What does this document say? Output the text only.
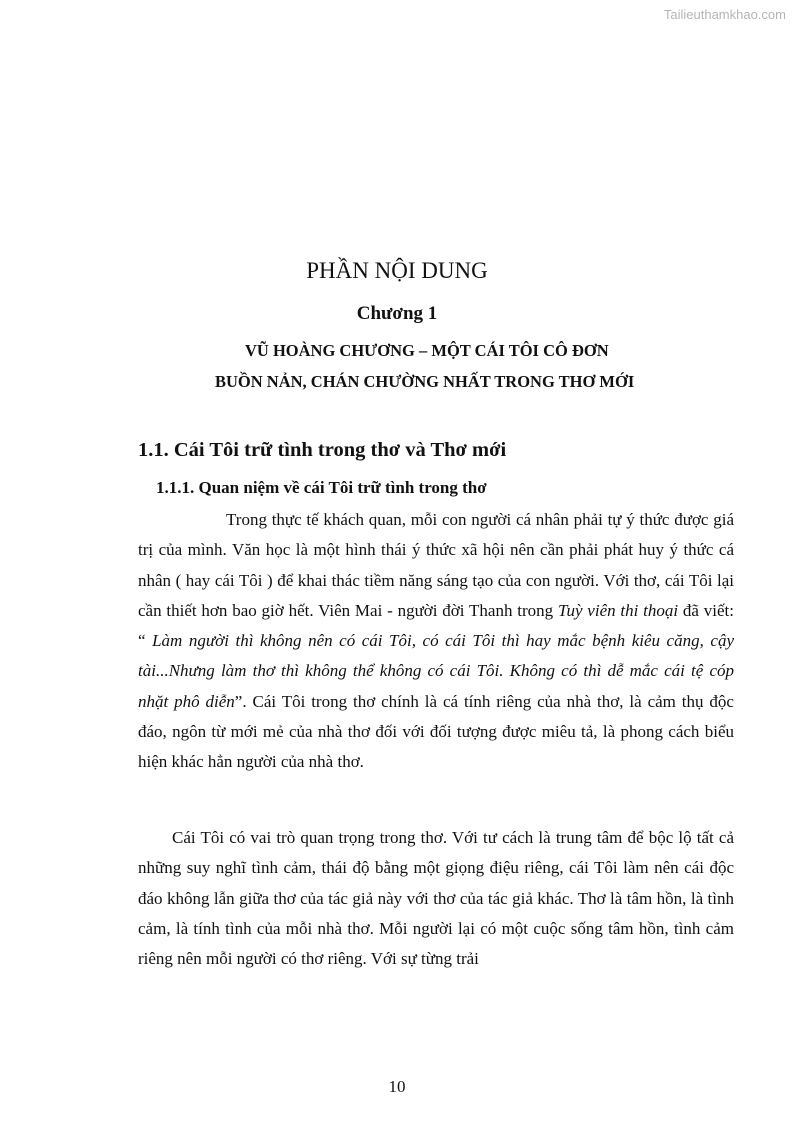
Tailieuthamkhao.com
PHẦN NỘI DUNG
Chương 1
VŨ HOÀNG CHƯƠNG – MỘT CÁI TÔI CÔ ĐƠN
BUỒN NẢN, CHÁN CHƯỜNG NHẤT TRONG THƠ MỚI
1.1. Cái Tôi trữ tình trong thơ và Thơ mới
1.1.1. Quan niệm về cái Tôi trữ tình trong thơ

Trong thực tế khách quan, mỗi con người cá nhân phải tự ý thức được giá trị của mình. Văn học là một hình thái ý thức xã hội nên cần phải phát huy ý thức cá nhân ( hay cái Tôi ) để khai thác tiềm năng sáng tạo của con người. Với thơ, cái Tôi lại cần thiết hơn bao giờ hết. Viên Mai - người đời Thanh trong Tuỳ viên thi thoại đã viết: “ Làm người thì không nên có cái Tôi, có cái Tôi thì hay mắc bệnh kiêu căng, cậy tài...Nhưng làm thơ thì không thể không có cái Tôi. Không có thì dễ mắc cái tệ cóp nhặt phô diễn”. Cái Tôi trong thơ chính là cá tính riêng của nhà thơ, là cảm thụ độc đáo, ngôn từ mới mẻ của nhà thơ đối với đối tượng được miêu tả, là phong cách biểu hiện khác hẳn người của nhà thơ.

Cái Tôi có vai trò quan trọng trong thơ. Với tư cách là trung tâm để bộc lộ tất cả những suy nghĩ tình cảm, thái độ bằng một giọng điệu riêng, cái Tôi làm nên cái độc đáo không lẫn giữa thơ của tác giả này với thơ của tác giả khác. Thơ là tâm hồn, là tình cảm, là tính tình của mỗi nhà thơ. Mỗi người lại có một cuộc sống tâm hồn, tình cảm riêng nên mỗi người có thơ riêng. Với sự từng trải

10
